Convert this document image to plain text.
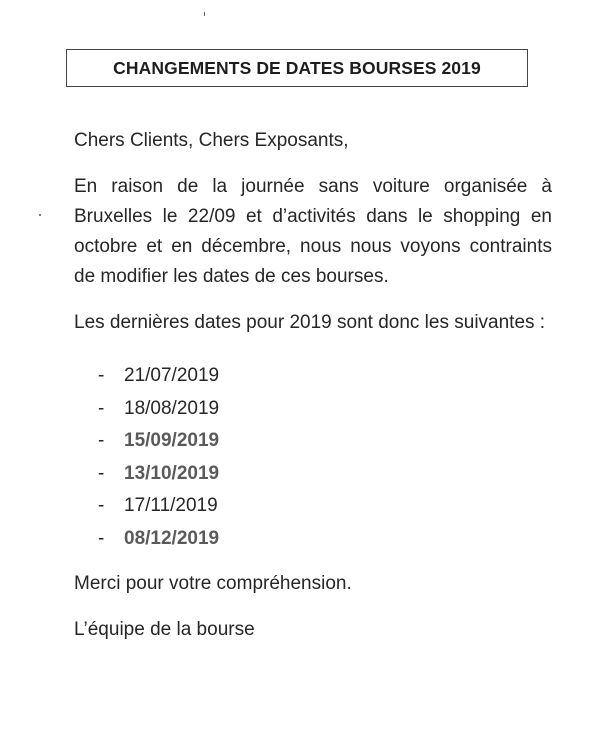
CHANGEMENTS DE DATES BOURSES 2019

Chers Clients, Chers Exposants,

En raison de la journée sans voiture organisée à Bruxelles le 22/09 et d’activités dans le shopping en octobre et en décembre, nous nous voyons contraints de modifier les dates de ces bourses.

Les dernières dates pour 2019 sont donc les suivantes :

-	21/07/2019
-	18/08/2019
-	15/09/2019
-	13/10/2019
-	17/11/2019
-	08/12/2019

Merci pour votre compréhension.

L’équipe de la bourse
